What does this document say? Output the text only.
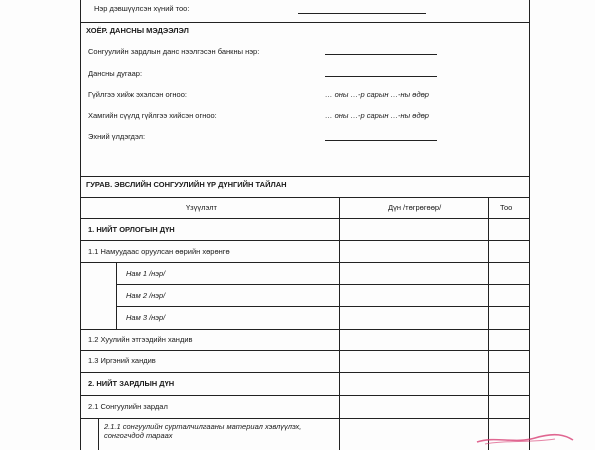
Нэр дэвшүүлсэн хүний тоо:
ХОЁР. ДАНСНЫ МЭДЭЭЛЭЛ
Сонгуулийн зардлын данс нээлгэсэн банкны нэр:
Дансны дугаар:
Гүйлгээ хийж эхэлсэн огноо:	… оны …-р сарын …-ны өдөр
Хамгийн сүүлд гүйлгээ хийсэн огноо:	… оны …-р сарын …-ны өдөр
Эхний үлдэгдэл:
ГУРАВ. ЭВСЛИЙН СОНГУУЛИЙН ҮР ДҮНГИЙН ТАЙЛАН
Үзүүлэлт	Дүн /төгрөгөөр/	Тоо
1. НИЙТ ОРЛОГЫН ДҮН
1.1 Намуудаас оруулсан өөрийн хөрөнгө
Нам 1 /нэр/
Нам 2 /нэр/
Нам 3 /нэр/
1.2 Хуулийн этгээдийн хандив
1.3 Иргэний хандив
2. НИЙТ ЗАРДЛЫН ДҮН
2.1 Сонгуулийн зардал
2.1.1 сонгуулийн сурталчилгааны материал хэвлүүлэх, сонгогчдод тараах
